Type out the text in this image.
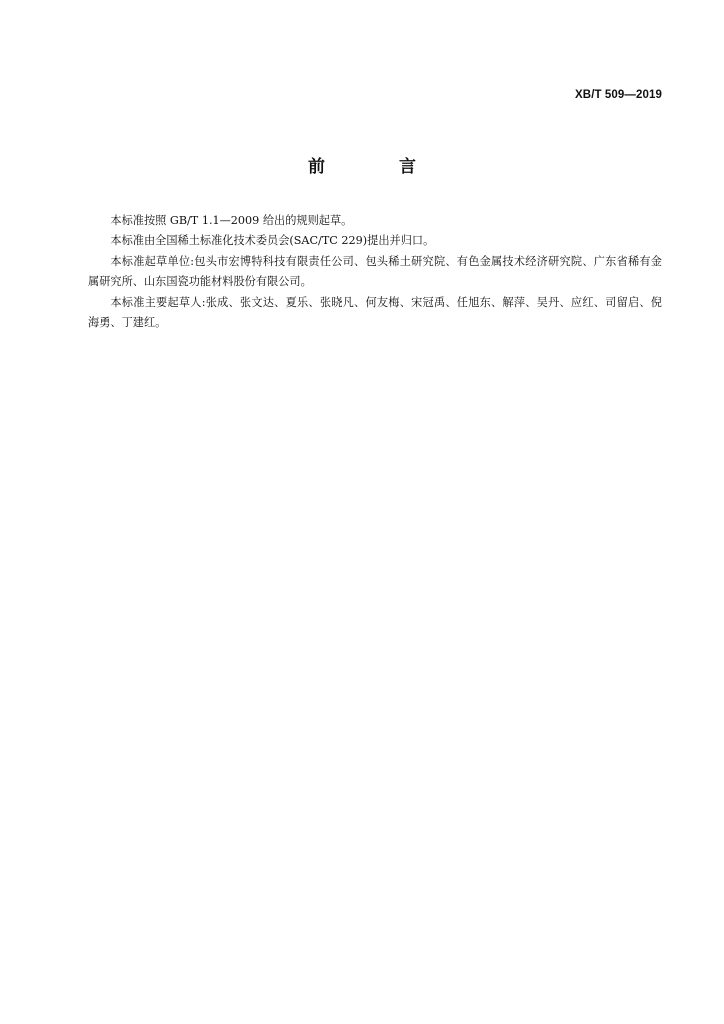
XB/T 509—2019
前 言

本标准按照 GB/T 1.1—2009 给出的规则起草。

本标准由全国稀土标准化技术委员会(SAC/TC 229)提出并归口。

本标准起草单位:包头市宏博特科技有限责任公司、包头稀土研究院、有色金属技术经济研究院、广东省稀有金属研究所、山东国瓷功能材料股份有限公司。

本标准主要起草人:张成、张文达、夏乐、张晓凡、何友梅、宋冠禹、任旭东、解萍、吴丹、应红、司留启、倪海勇、丁建红。
